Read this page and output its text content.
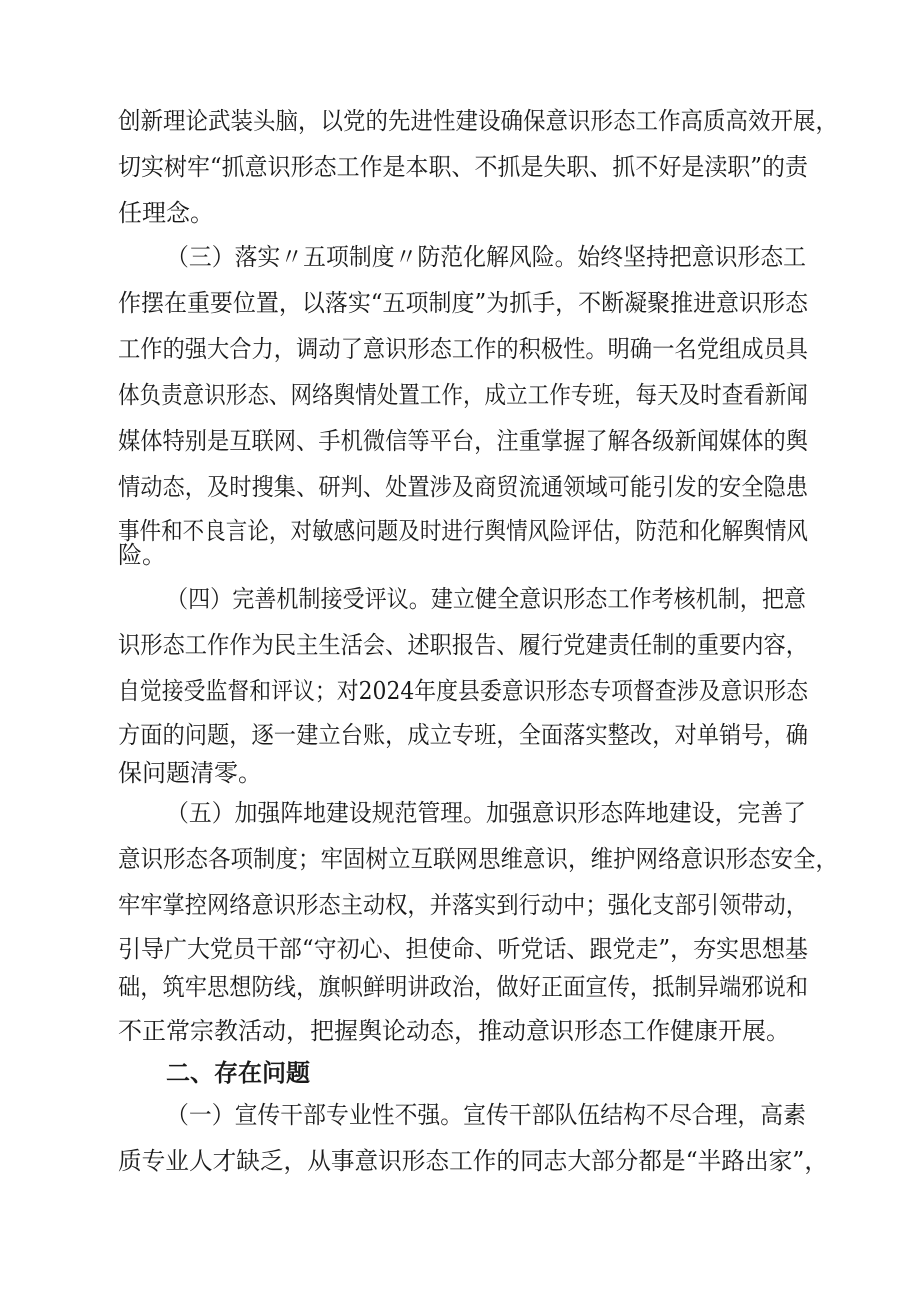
创新理论武装头脑，以党的先进性建设确保意识形态工作高质高效开展，
切实树牢“抓意识形态工作是本职、不抓是失职、抓不好是渎职”的责
任理念。
（三）落实〃五项制度〃防范化解风险。始终坚持把意识形态工
作摆在重要位置，以落实“五项制度”为抓手，不断凝聚推进意识形态
工作的强大合力，调动了意识形态工作的积极性。明确一名党组成员具
体负责意识形态、网络舆情处置工作，成立工作专班，每天及时查看新闻
媒体特别是互联网、手机微信等平台，注重掌握了解各级新闻媒体的舆
情动态，及时搜集、研判、处置涉及商贸流通领域可能引发的安全隐患
事件和不良言论，对敏感问题及时进行舆情风险评估，防范和化解舆情风
险。
（四）完善机制接受评议。建立健全意识形态工作考核机制，把意
识形态工作作为民主生活会、述职报告、履行党建责任制的重要内容，
自觉接受监督和评议；对2024年度县委意识形态专项督查涉及意识形态
方面的问题，逐一建立台账，成立专班，全面落实整改，对单销号，确
保问题清零。
（五）加强阵地建设规范管理。加强意识形态阵地建设，完善了
意识形态各项制度；牢固树立互联网思维意识，维护网络意识形态安全，
牢牢掌控网络意识形态主动权，并落实到行动中；强化支部引领带动，
引导广大党员干部“守初心、担使命、听党话、跟党走”，夯实思想基
础，筑牢思想防线，旗帜鲜明讲政治，做好正面宣传，抵制异端邪说和
不正常宗教活动，把握舆论动态，推动意识形态工作健康开展。
二、存在问题
（一）宣传干部专业性不强。宣传干部队伍结构不尽合理，高素
质专业人才缺乏，从事意识形态工作的同志大部分都是“半路出家”，
